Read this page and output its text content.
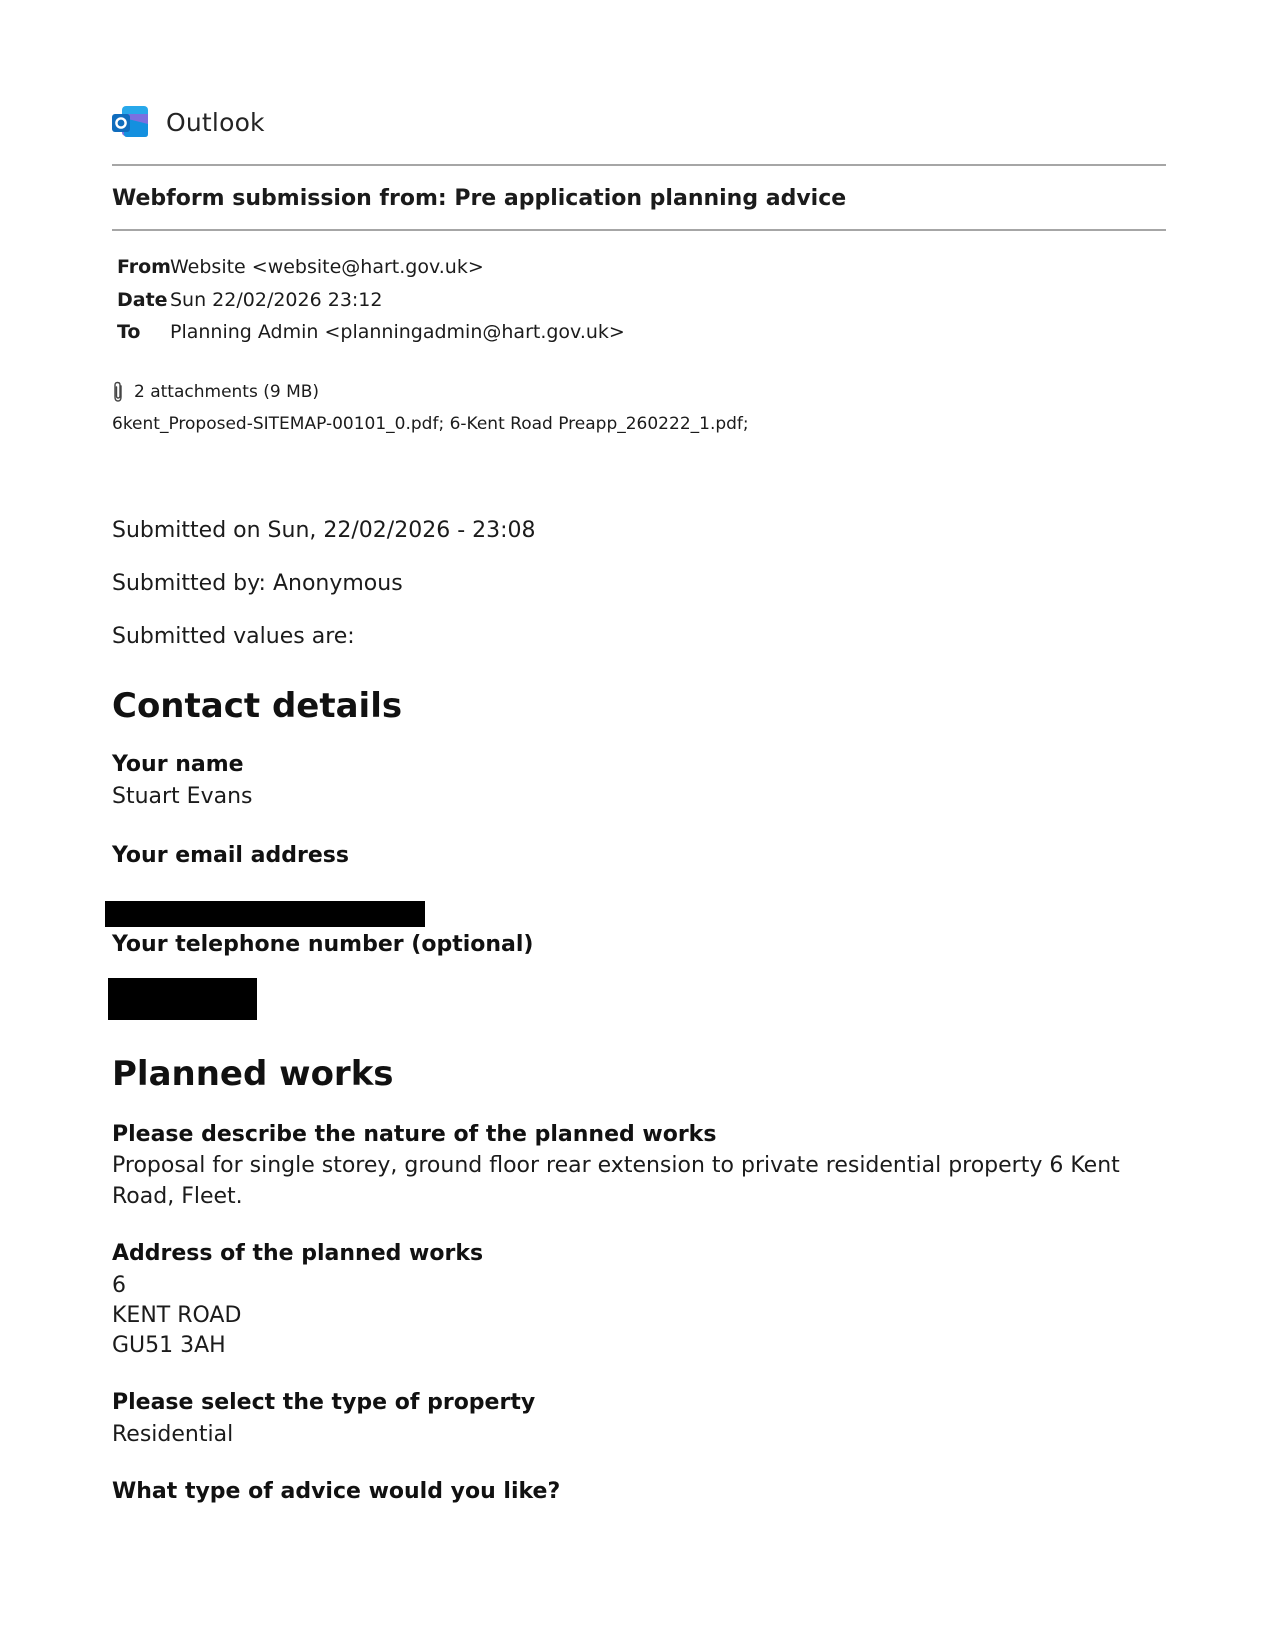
Outlook
Webform submission from: Pre application planning advice
From Website <website@hart.gov.uk>
Date Sun 22/02/2026 23:12
To	Planning Admin <planningadmin@hart.gov.uk>
2 attachments (9 MB)
6kent_Proposed-SITEMAP-00101_0.pdf; 6-Kent Road Preapp_260222_1.pdf;
Submitted on Sun, 22/02/2026 - 23:08
Submitted by: Anonymous
Submitted values are:
Contact details
Your name
Stuart Evans
Your email address
Your telephone number (optional)
Planned works
Please describe the nature of the planned works
Proposal for single storey, ground floor rear extension to private residential property 6 Kent Road, Fleet.
Address of the planned works
6
KENT ROAD
GU51 3AH
Please select the type of property
Residential
What type of advice would you like?
